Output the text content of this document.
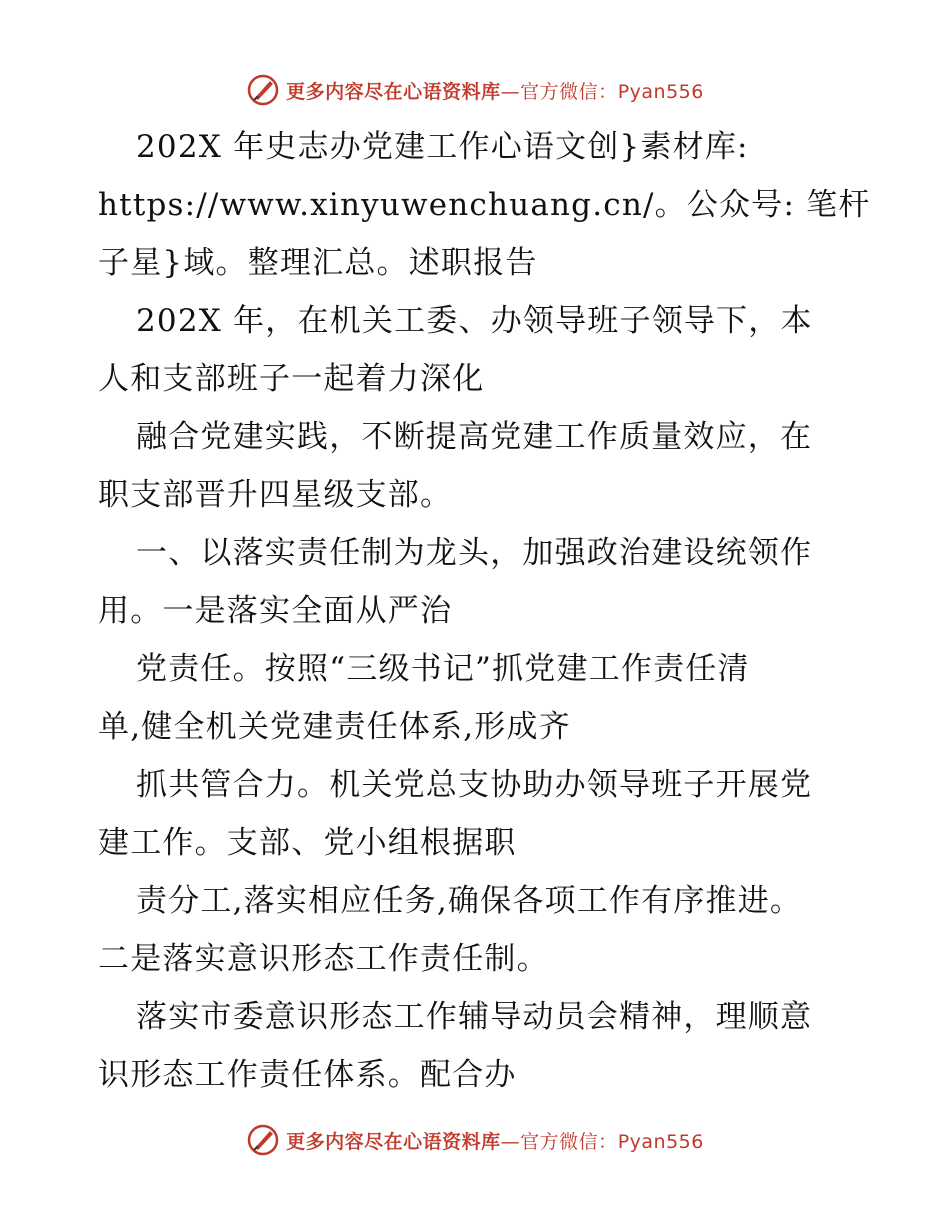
更多内容尽在心语资料库—官方微信：Pyan556
202X 年史志办党建工作心语文创}素材库:
https://www.xinyuwenchuang.cn/。公众号: 笔杆
子星}域。整理汇总。述职报告
202X 年，在机关工委、办领导班子领导下，本
人和支部班子一起着力深化
融合党建实践，不断提高党建工作质量效应，在
职支部晋升四星级支部。
一、以落实责任制为龙头，加强政治建设统领作
用。一是落实全面从严治
党责任。按照“三级书记”抓党建工作责任清
单,健全机关党建责任体系,形成齐
抓共管合力。机关党总支协助办领导班子开展党
建工作。支部、党小组根据职
责分工,落实相应任务,确保各项工作有序推进。
二是落实意识形态工作责任制。
落实市委意识形态工作辅导动员会精神，理顺意
识形态工作责任体系。配合办
更多内容尽在心语资料库—官方微信：Pyan556
